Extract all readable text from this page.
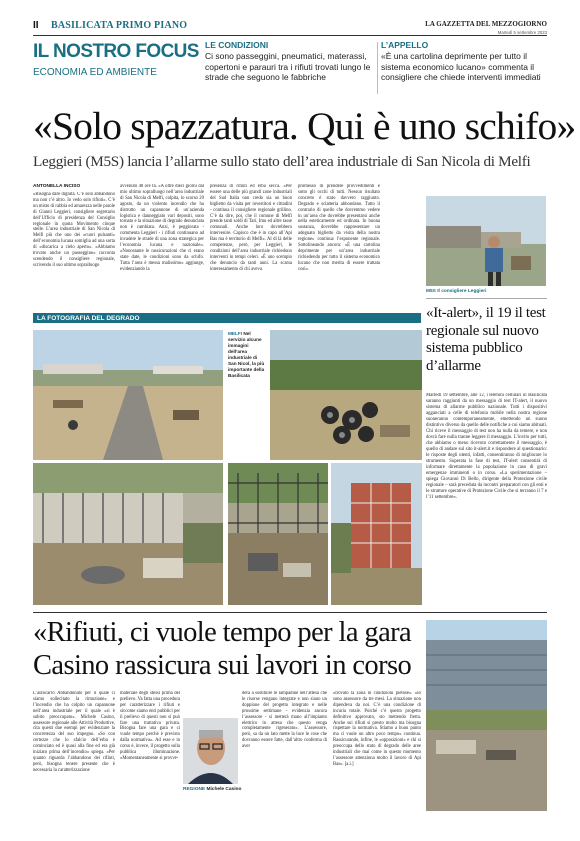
II BASILICATA PRIMO PIANO	LA GAZZETTA DEL MEZZOGIORNO
Martedì 5 settembre 2023
IL NOSTRO FOCUS
ECONOMIA ED AMBIENTE
LE CONDIZIONI
Ci sono passeggini, pneumatici, materassi, copertoni e parauri tra i rifiuti trovati lungo le strade che seguono le fabbriche
L’APPELLO
«È una cartolina deprimente per tutto il sistema economico lucano» commenta il consigliere che chiede interventi immediati
«Solo spazzatura. Qui è uno schifo»
Leggieri (M5S) lancia l’allarme sullo stato dell’area industriale di San Nicola di Melfi
ANTONELLA INCISO
«Bisogna dare dignità. C’è solo abbandono ma non c’è altro. Io vedo solo rifiuti». C’è un misto di rabbia ed amarezza nelle parole di Gianni Leggieri, consigliere segretario dell’Ufficio di presidenza del Consiglio regionale in quota Movimento cinque stelle. L’area industriale di San Nicola di Melfi più che uno dei «cuori pulsanti» dell’economia lucana somiglia ad una sorta di «discarica a cielo aperto». «Abbiamo trovato anche un passeggino» racconta scendendo il consigliere regionale, scrivendo il suo ultimo sopralluogo
avvenuto 48 ore fa. «A oltre dieci giorni dal mio ultimo sopralluogo nell’area industriale di San Nicola di Melfi, colpita, lo scorso 20 agosto, da un violento incendio che ha distrutto un capannone di un’azienda logistica e danneggiato vari depositi, sono tornato e la situazione di degrado denunciata non è cambiata. Anzi, è peggiorata - commenta Leggieri - i rifiuti continuano ad invadere le strade di una zona strategica per l’economia lucana e nazionale». «Nonostante le rassicurazioni che ci erano state date, le condizioni sono da schifo. Tutta l’area è messa malissimo» aggiunge, evidenziando la
presenza di rifiuti ed erba secca. «Per essere una delle più grandi zone industriali del Sud Italia non credo sia un buon biglietto da visita per investitori e cittadini - continua il consigliere regionale grillino. C’è da dire, poi, che il comune di Melfi prende tanti soldi di Tari, Imu ed altre tasse comunali. Anche loro dovrebbero intervenire. Capisco che è in capo all’Api Bas ma è territorio di Melfi». Al di là delle competenze, però, per Leggieri, le condizioni dell’area industriale richiedono interventi in tempi celeri. «È uno scempio che denuncio da tanti anni. La scarsa interessamento di chi aveva
promesso di prendere provvedimenti è sotto gli occhi di tutti. Nessun risultato concreto è stato davvero raggiunto. Degrado e sciatteria abbondano. Tutto il contrario di quello che dovremmo vedere in un’area che dovrebbe presentarsi anche nella esteticamente ed ordinata. In buona sostanza, dovrebbe rappresentare un adeguato biglietto da visita della nostra regione» continua l’esponente regionale. Sottolineando ancora: «È una cartolina deprimente per un’area industriale richiedendo per tutto il sistema economico lucano che non merita di essere trattata così».
M5S Il consigliere Leggieri
LA FOTOGRAFIA DEL DEGRADO
MELFI Nel servizio alcune immagini dell’area industriale di San Nicol, la più importante della Basilicata
«It-alert», il 19 il test regionale sul nuovo sistema pubblico d’allarme
Martedì 19 settembre, alle 12, i telefoni cellulari in Basilicata saranno raggiunti da un messaggio di test IT-alert, il nuovo sistema di allarme pubblico nazionale. Tutti i dispositivi agganciati a celle di telefonia mobile nella nostra regione suoneranno contemporaneamente, emettendo un suono distintivo diverso da quello delle notifiche a cui siamo abituati. Chi riceve il messaggio di test non ha nulla da temere, e non dovrà fare nulla tranne leggere il messaggio. L’invito per tutti, che abbiamo o meno ricevuto correttamente il messaggio, è quello di andare sul sito it-alert.it e rispondere al questionario: le risposte degli utenti, infatti, consentiranno di migliorare lo strumento. Superata la fase di test, IT-alert consentirà di informare direttamente la popolazione in caso di gravi emergenze imminenti o in corso. «La sperimentazione – spiega Giovanni Di Bello, dirigente della Protezione civile regionale – sarà preceduta da incontri preparatori con gli enti e le strutture operative di Protezione Civile che si terranno il 7 e l’11 settembre».
«Rifiuti, ci vuole tempo per la gara
Casino rassicura sui lavori in corso
L’autocarro Abbandonato per il quale ci siamo sollecitato la rimozione» e l’incendio che ha colpito un capannone nell’area industriale per il quale «si è subito preoccupato». Michele Casino, assessore regionale alle Attività Produttive, cita questi due esempi per evidenziare la concretezza del suo impegno. «So con certezze che lo sfalcio dell’erba è cominciato ed è quasi alla fine ed era già iniziato prima dell’incendio» spiega. «Per quanto riguarda l’abbandono dei rifiuti, però, bisogna tenere presente che è necessaria la caratterizzazione
materiale degli stessi prima del prelievo. Va fatta una procedura per caratterizzare i rifiuti e siccome siamo enti pubblici per il prelievo di questi non si può fare una trattativa privata. Bisogna fare una gara e ci vuole tempo perché è previsto dalla normativa». Ad esse e in corso è, invece, il progetto sulla pubblica illuminazione. «Momentaneamente si provve-
REGIONE Michele Casino
derà a sostituire le lampadine nell’attesa che le risorse vengano integrate e non siano un doppione del progetto integrato e nelle prossime settimane - evidenzia ancora l’assessore - si metterà mano all’impianto elettrico in attesa che questo venga completamente rigenerato». L’assessore, però, sa da un lato mette la luce le cose che dovranno essere fatte, dall’altro conferma di aver
«trovato la zona in condizioni pietose». «Io sono assessore da tre mesi. La situazione non dipendeva da noi. C’è una condizione di incuria totale. Poiché c’è questo progetto definitivo approvato, sto mettendo fretta. Anche sui rifiuti si presto molto ma bisogna rispettare la normativa. Stiamo a buon punto ma ci vuole un altro poco tempo» continua. Rassicurando, infine, le «opposizioni» e chi si preoccupa dello stato di degrado delle aree industriali che mai come in questo momento l’assessore attenziona molto il lavoro di Api Bas». [a.i.]
